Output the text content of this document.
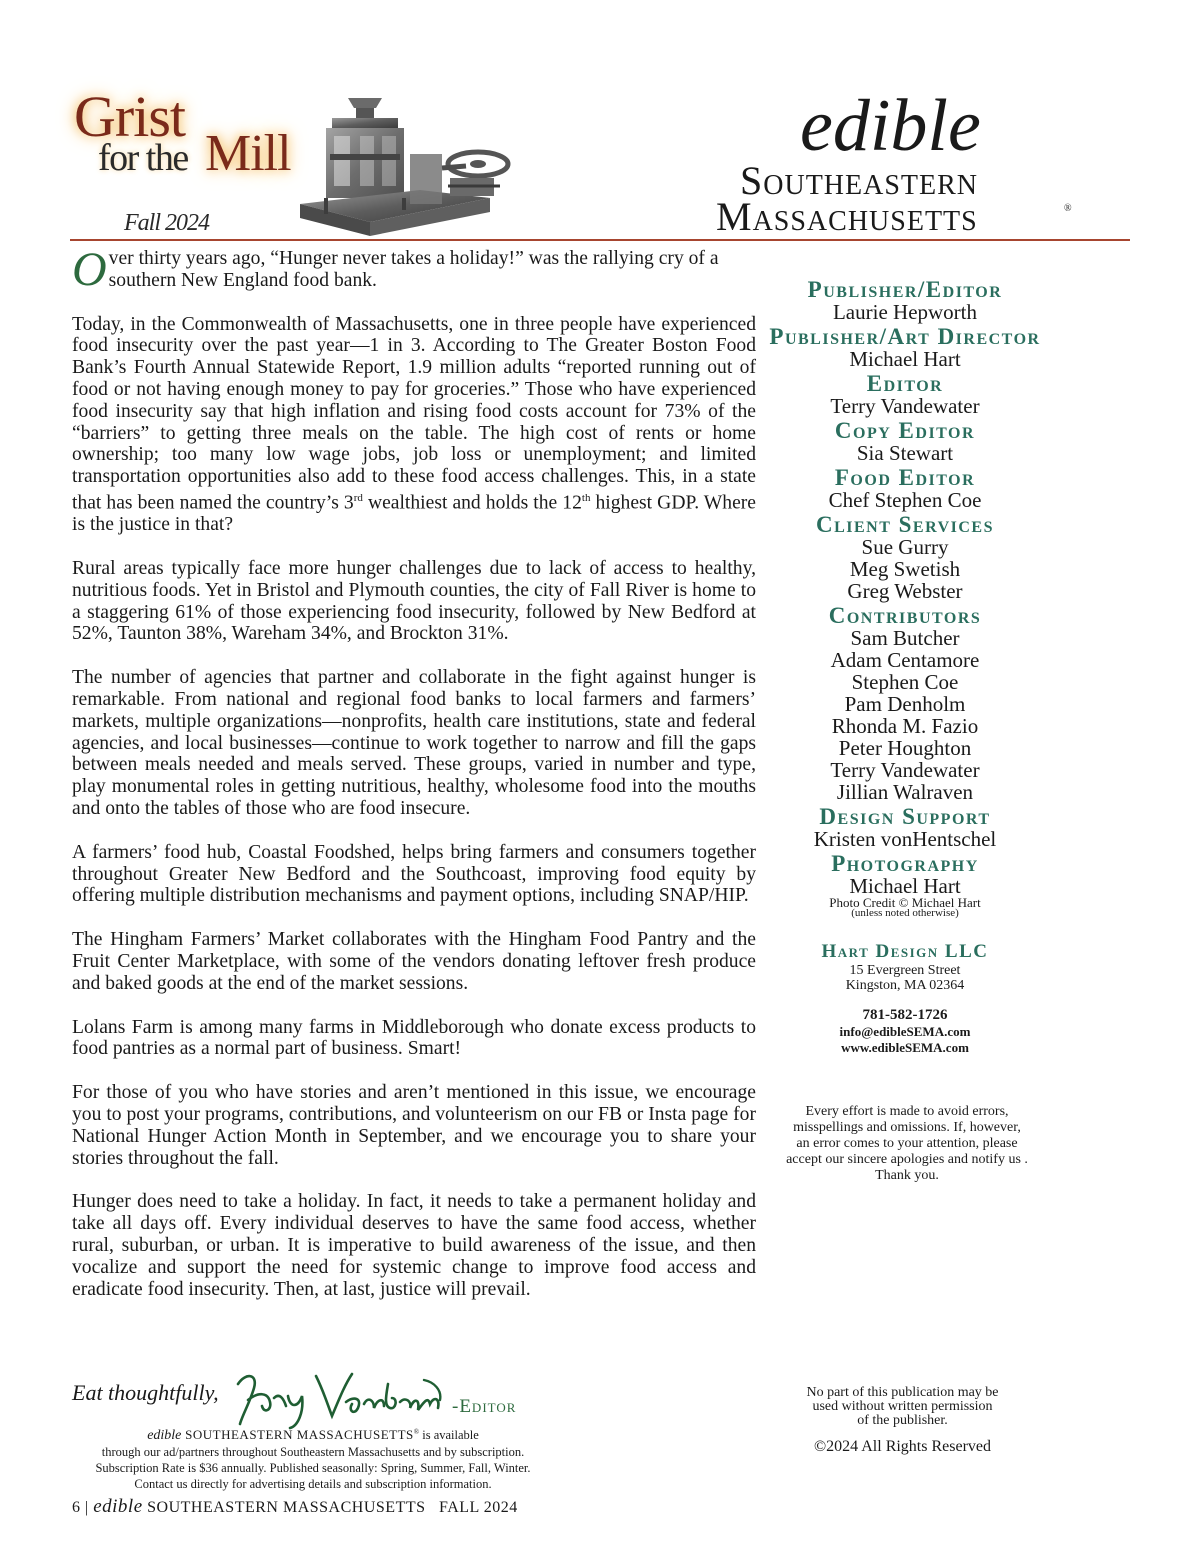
Grist
for the Mill
Fall 2024
edible
Southeastern
Massachusetts	®

Over thirty years ago, “Hunger never takes a holiday!” was the rallying cry of a southern New England food bank.

Today, in the Commonwealth of Massachusetts, one in three people have experienced food insecurity over the past year—1 in 3. According to The Greater Boston Food Bank’s Fourth Annual Statewide Report, 1.9 million adults “reported running out of food or not having enough money to pay for groceries.” Those who have experienced food insecurity say that high inflation and rising food costs account for 73% of the “barriers” to getting three meals on the table. The high cost of rents or home ownership; too many low wage jobs, job loss or unemployment; and limited transportation opportunities also add to these food access challenges. This, in a state that has been named the country’s 3rd wealthiest and holds the 12th highest GDP. Where is the justice in that?

Rural areas typically face more hunger challenges due to lack of access to healthy, nutritious foods. Yet in Bristol and Plymouth counties, the city of Fall River is home to a staggering 61% of those experiencing food insecurity, followed by New Bedford at 52%, Taunton 38%, Wareham 34%, and Brockton 31%.

The number of agencies that partner and collaborate in the fight against hunger is remarkable. From national and regional food banks to local farmers and farmers’ markets, multiple organizations—nonprofits, health care institutions, state and federal agencies, and local businesses—continue to work together to narrow and fill the gaps between meals needed and meals served. These groups, varied in number and type, play monumental roles in getting nutritious, healthy, wholesome food into the mouths and onto the tables of those who are food insecure.

A farmers’ food hub, Coastal Foodshed, helps bring farmers and consumers together throughout Greater New Bedford and the Southcoast, improving food equity by offering multiple distribution mechanisms and payment options, including SNAP/HIP.

The Hingham Farmers’ Market collaborates with the Hingham Food Pantry and the Fruit Center Marketplace, with some of the vendors donating leftover fresh produce and baked goods at the end of the market sessions.

Lolans Farm is among many farms in Middleborough who donate excess products to food pantries as a normal part of business. Smart!

For those of you who have stories and aren’t mentioned in this issue, we encourage you to post your programs, contributions, and volunteerism on our FB or Insta page for National Hunger Action Month in September, and we encourage you to share your stories throughout the fall.

Hunger does need to take a holiday. In fact, it needs to take a permanent holiday and take all days off. Every individual deserves to have the same food access, whether rural, suburban, or urban. It is imperative to build awareness of the issue, and then vocalize and support the need for systemic change to improve food access and eradicate food insecurity. Then, at last, justice will prevail.

Eat thoughtfully,
-Editor
edible SOUTHEASTERN MASSACHUSETTS® is available
through our ad/partners throughout Southeastern Massachusetts and by subscription.
Subscription Rate is $36 annually. Published seasonally: Spring, Summer, Fall, Winter.
Contact us directly for advertising details and subscription information.
6 | edible SOUTHEASTERN MASSACHUSETTS FALL 2024
Publisher/Editor
Laurie Hepworth
Publisher/Art Director
Michael Hart
Editor
Terry Vandewater
Copy Editor
Sia Stewart
Food Editor
Chef Stephen Coe
Client Services
Sue Gurry
Meg Swetish
Greg Webster
Contributors
Sam Butcher
Adam Centamore
Stephen Coe
Pam Denholm
Rhonda M. Fazio
Peter Houghton
Terry Vandewater
Jillian Walraven
Design Support
Kristen vonHentschel
Photography
Michael Hart
Photo Credit © Michael Hart
(unless noted otherwise)
Hart Design LLC
15 Evergreen Street
Kingston, MA 02364
781-582-1726
info@edibleSEMA.com
www.edibleSEMA.com
Every effort is made to avoid errors,
misspellings and omissions. If, however,
an error comes to your attention, please
accept our sincere apologies and notify us .
Thank you.
No part of this publication may be
used without written permission
of the publisher.
©2024 All Rights Reserved
